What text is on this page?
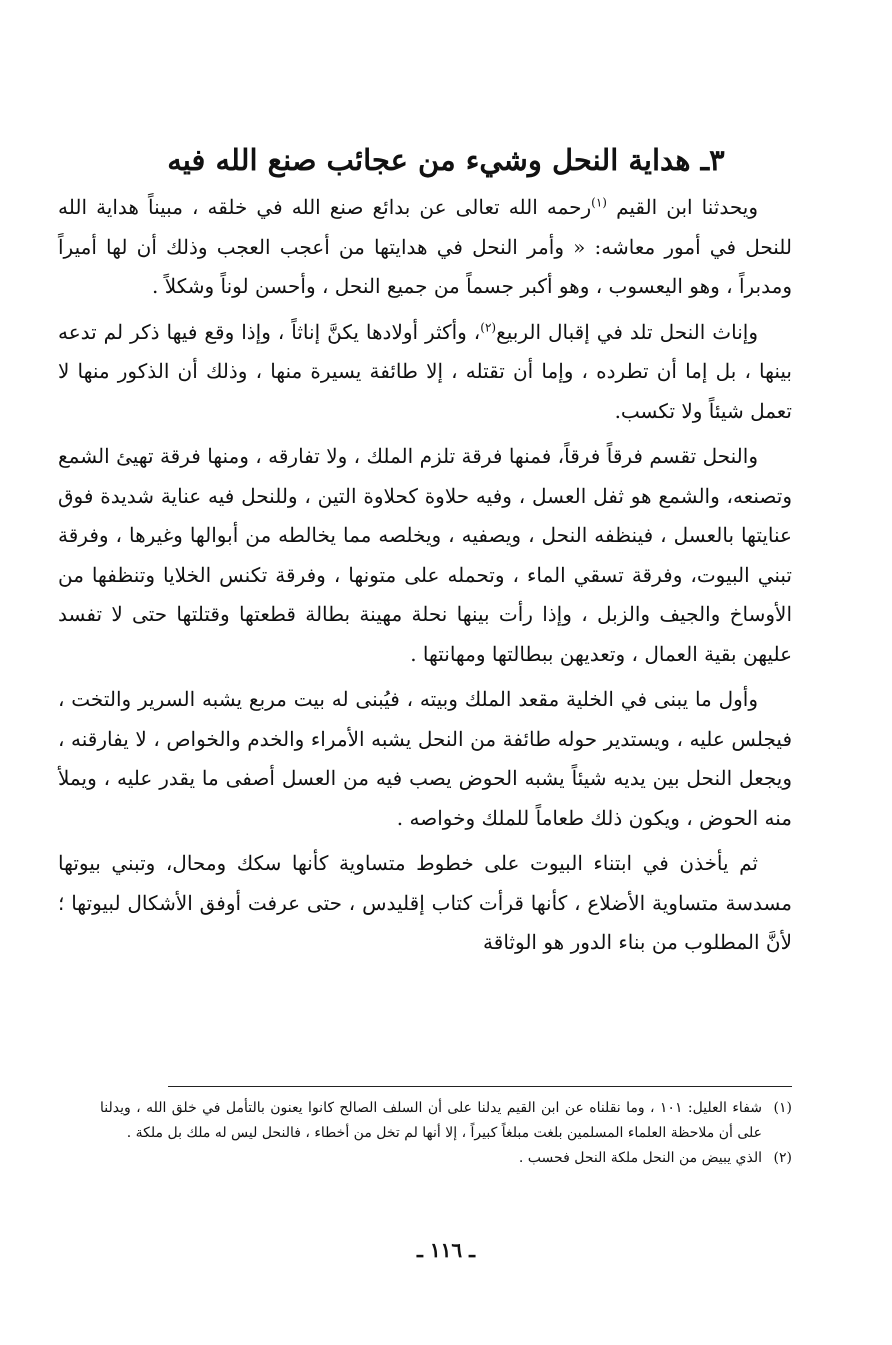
٣ـ هداية النحل وشيء من عجائب صنع الله فيه

ويحدثنا ابن القيم $^{(١)}$رحمه الله تعالى عن بدائع صنع الله في خلقه ، مبيناً هداية الله للنحل في أمور معاشه: « وأمر النحل في هدايتها من أعجب العجب وذلك أن لها أميراً ومدبراً ، وهو اليعسوب ، وهو أكبر جسماً من جميع النحل ، وأحسن لوناً وشكلاً .

وإناث النحل تلد في إقبال الربيع$^{(٢)}$، وأكثر أولادها يكنَّ إناثاً ، وإذا وقع فيها ذكر لم تدعه بينها ، بل إما أن تطرده ، وإما أن تقتله ، إلا طائفة يسيرة منها ، وذلك أن الذكور منها لا تعمل شيئاً ولا تكسب.

والنحل تقسم فرقاً فرقاً، فمنها فرقة تلزم الملك ، ولا تفارقه ، ومنها فرقة تهيئ الشمع وتصنعه، والشمع هو ثفل العسل ، وفيه حلاوة كحلاوة التين ، وللنحل فيه عناية شديدة فوق عنايتها بالعسل ، فينظفه النحل ، ويصفيه ، ويخلصه مما يخالطه من أبوالها وغيرها ، وفرقة تبني البيوت، وفرقة تسقي الماء ، وتحمله على متونها ، وفرقة تكنس الخلايا وتنظفها من الأوساخ والجيف والزبل ، وإذا رأت بينها نحلة مهينة بطالة قطعتها وقتلتها حتى لا تفسد عليهن بقية العمال ، وتعديهن ببطالتها ومهانتها .

وأول ما يبنى في الخلية مقعد الملك وبيته ، فيُبنى له بيت مربع يشبه السرير والتخت ، فيجلس عليه ، ويستدير حوله طائفة من النحل يشبه الأمراء والخدم والخواص ، لا يفارقنه ، ويجعل النحل بين يديه شيئاً يشبه الحوض يصب فيه من العسل أصفى ما يقدر عليه ، ويملأ منه الحوض ، ويكون ذلك طعاماً للملك وخواصه .

ثم يأخذن في ابتناء البيوت على خطوط متساوية كأنها سكك ومحال، وتبني بيوتها مسدسة متساوية الأضلاع ، كأنها قرأت كتاب إقليدس ، حتى عرفت أوفق الأشكال لبيوتها ؛ لأنَّ المطلوب من بناء الدور هو الوثاقة

(١)
شفاء العليل: ١٠١ ، وما نقلناه عن ابن القيم يدلنا على أن السلف الصالح كانوا يعنون بالتأمل في خلق الله ، ويدلنا على أن ملاحظة العلماء المسلمين بلغت مبلغاً كبيراً ، إلا أنها لم تخل من أخطاء ، فالنحل ليس له ملك بل ملكة .

(٢)
الذي يبيض من النحل ملكة النحل فحسب .

ـ ١١٦ ـ
